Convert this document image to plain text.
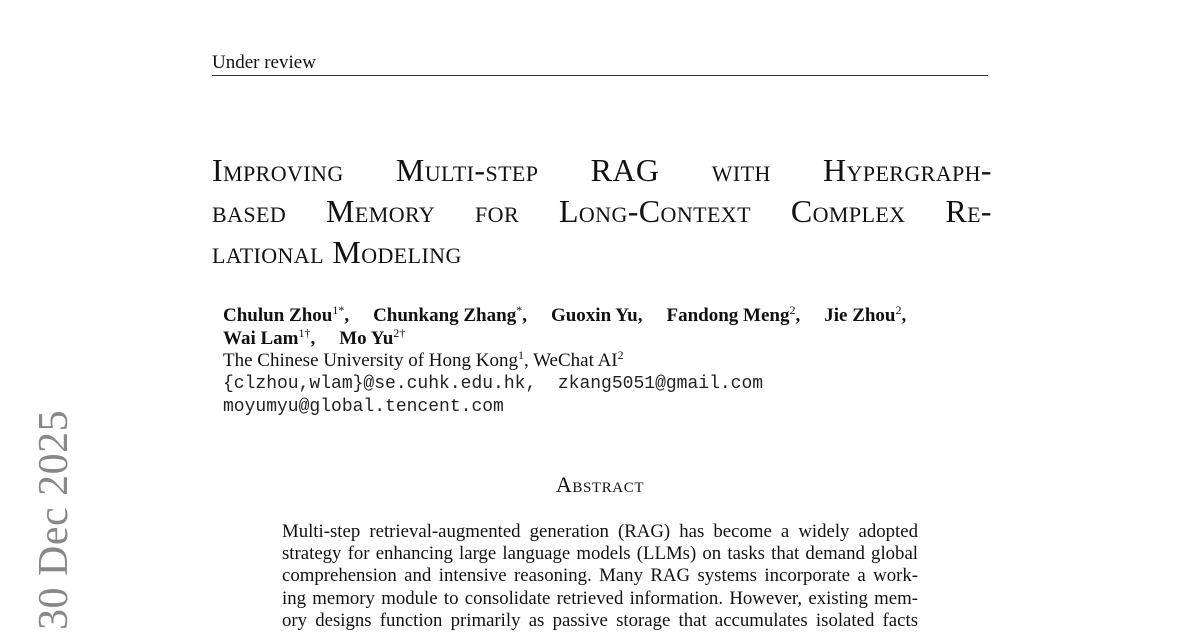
Under review
Improving Multi-step RAG with Hypergraph-
based Memory for Long-Context Complex Re-
lational Modeling
Chulun Zhou$^{1*}$, Chunkang Zhang*, Guoxin Yu, Fandong Meng$^2$, Jie Zhou$^2$,
Wai Lam$^{1\dagger}$, Mo $Yu^{2\dagger}$
The Chinese University of Hong Kong$^1$, WeChat $AI^2$
{clzhou,wlam}@se.cuhk.edu.hk,  zkang5051@gmail.com
moyumyu@global.tencent.com
Abstract
Multi-step retrieval-augmented generation (RAG) has become a widely adopted
strategy for enhancing large language models (LLMs) on tasks that demand global
comprehension and intensive reasoning. Many RAG systems incorporate a work-
ing memory module to consolidate retrieved information. However, existing mem-
ory designs function primarily as passive storage that accumulates isolated facts
30 Dec 2025
